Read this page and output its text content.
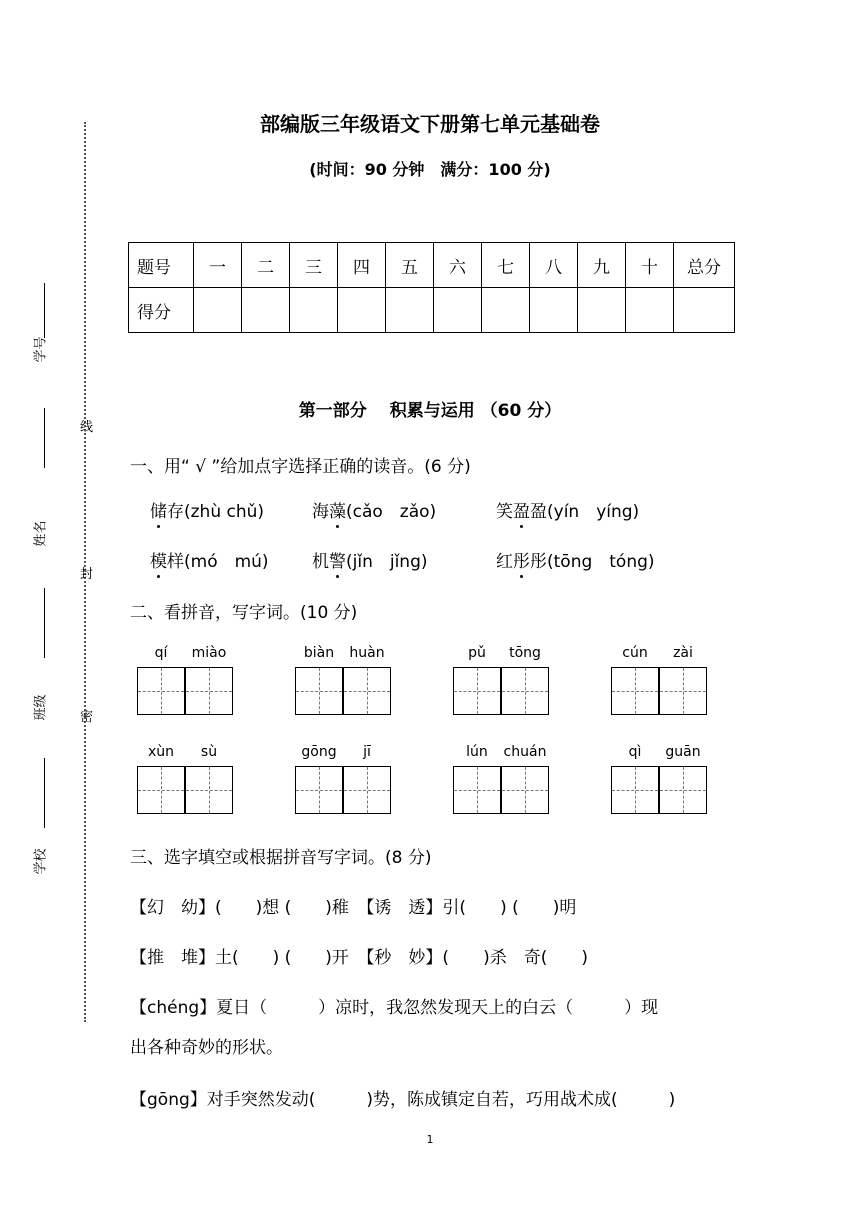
部编版三年级语文下册第七单元基础卷
(时间：90 分钟　满分：100 分)
线
封
密
学号
姓名
班级
学校
题号	一	二	三	四	五	六	七	八	九	十	总分
得分											
第一部分　 积累与运用 （60 分）
一、用“ √ ”给加点字选择正确的读音。(6 分)
储存(zhù chǔ)	海藻(cǎo　zǎo)	笑盈盈(yín　yíng)
模样(mó　mú)	机警(jǐn　jǐng)	红彤彤(tōng　tóng)
二、看拼音，写字词。(10 分)
qí	miào	biàn	huàn	pǔ	tōng	cún	zài
xùn	sù	gōng	jī	lún	chuán	qì	guān
三、选字填空或根据拼音写字词。(8 分)
【幻　幼】(　　)想 (　　)稚　【诱　透】引(　　) (　　)明
【推　堆】土(　　) (　　)开　【秒　妙】(　　)杀　奇(　　)
【chéng】夏日（　　　）凉时，我忽然发现天上的白云（　　　）现
出各种奇妙的形状。
【gōng】对手突然发动(　　　)势，陈成镇定自若，巧用战术成(　　　)
1
